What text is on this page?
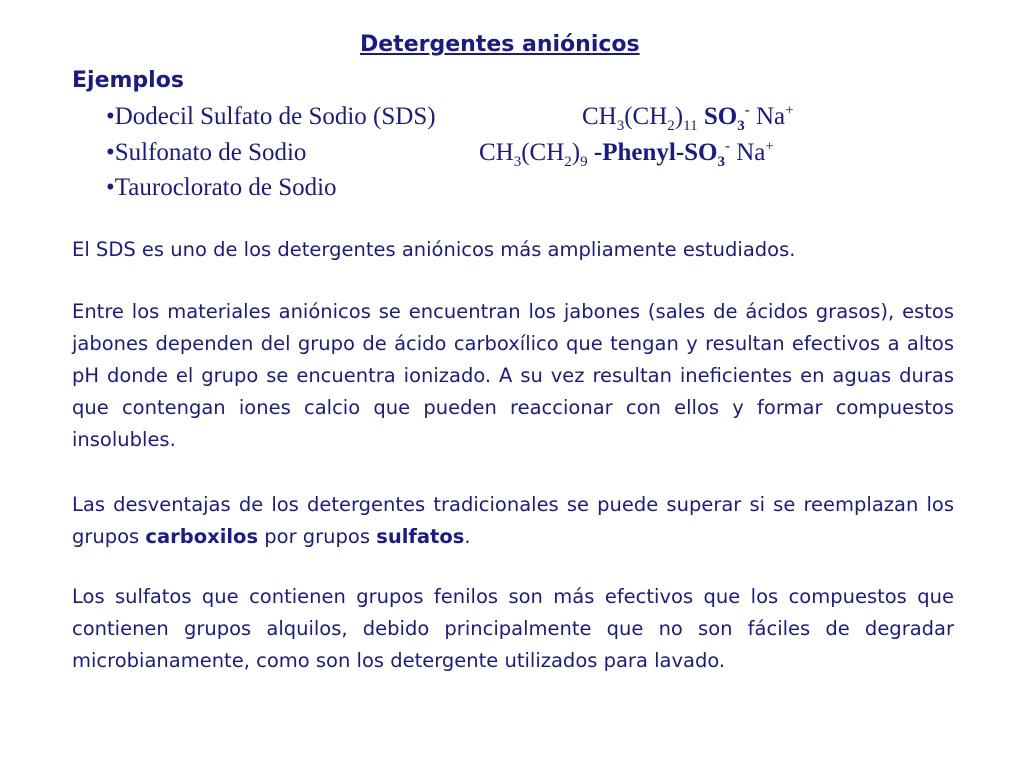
Detergentes aniónicos
Ejemplos
•Dodecil Sulfato de Sodio (SDS)	$CH_3(CH_2)_{11}$ $SO_3^-$ Na+
•Sulfonato de Sodio	$CH_3(CH_2)_9$ $-Phenyl-SO_3^-$ Na+
•Tauroclorato de Sodio

El SDS es uno de los detergentes aniónicos más ampliamente estudiados.

Entre los materiales aniónicos se encuentran los jabones (sales de ácidos grasos), estos jabones dependen del grupo de ácido carboxílico que tengan y resultan efectivos a altos pH donde el grupo se encuentra ionizado. A su vez resultan ineficientes en aguas duras que contengan iones calcio que pueden reaccionar con ellos y formar compuestos insolubles.

Las desventajas de los detergentes tradicionales se puede superar si se reemplazan los grupos carboxilos por grupos sulfatos.

Los sulfatos que contienen grupos fenilos son más efectivos que los compuestos que contienen grupos alquilos, debido principalmente que no son fáciles de degradar microbianamente, como son los detergente utilizados para lavado.
